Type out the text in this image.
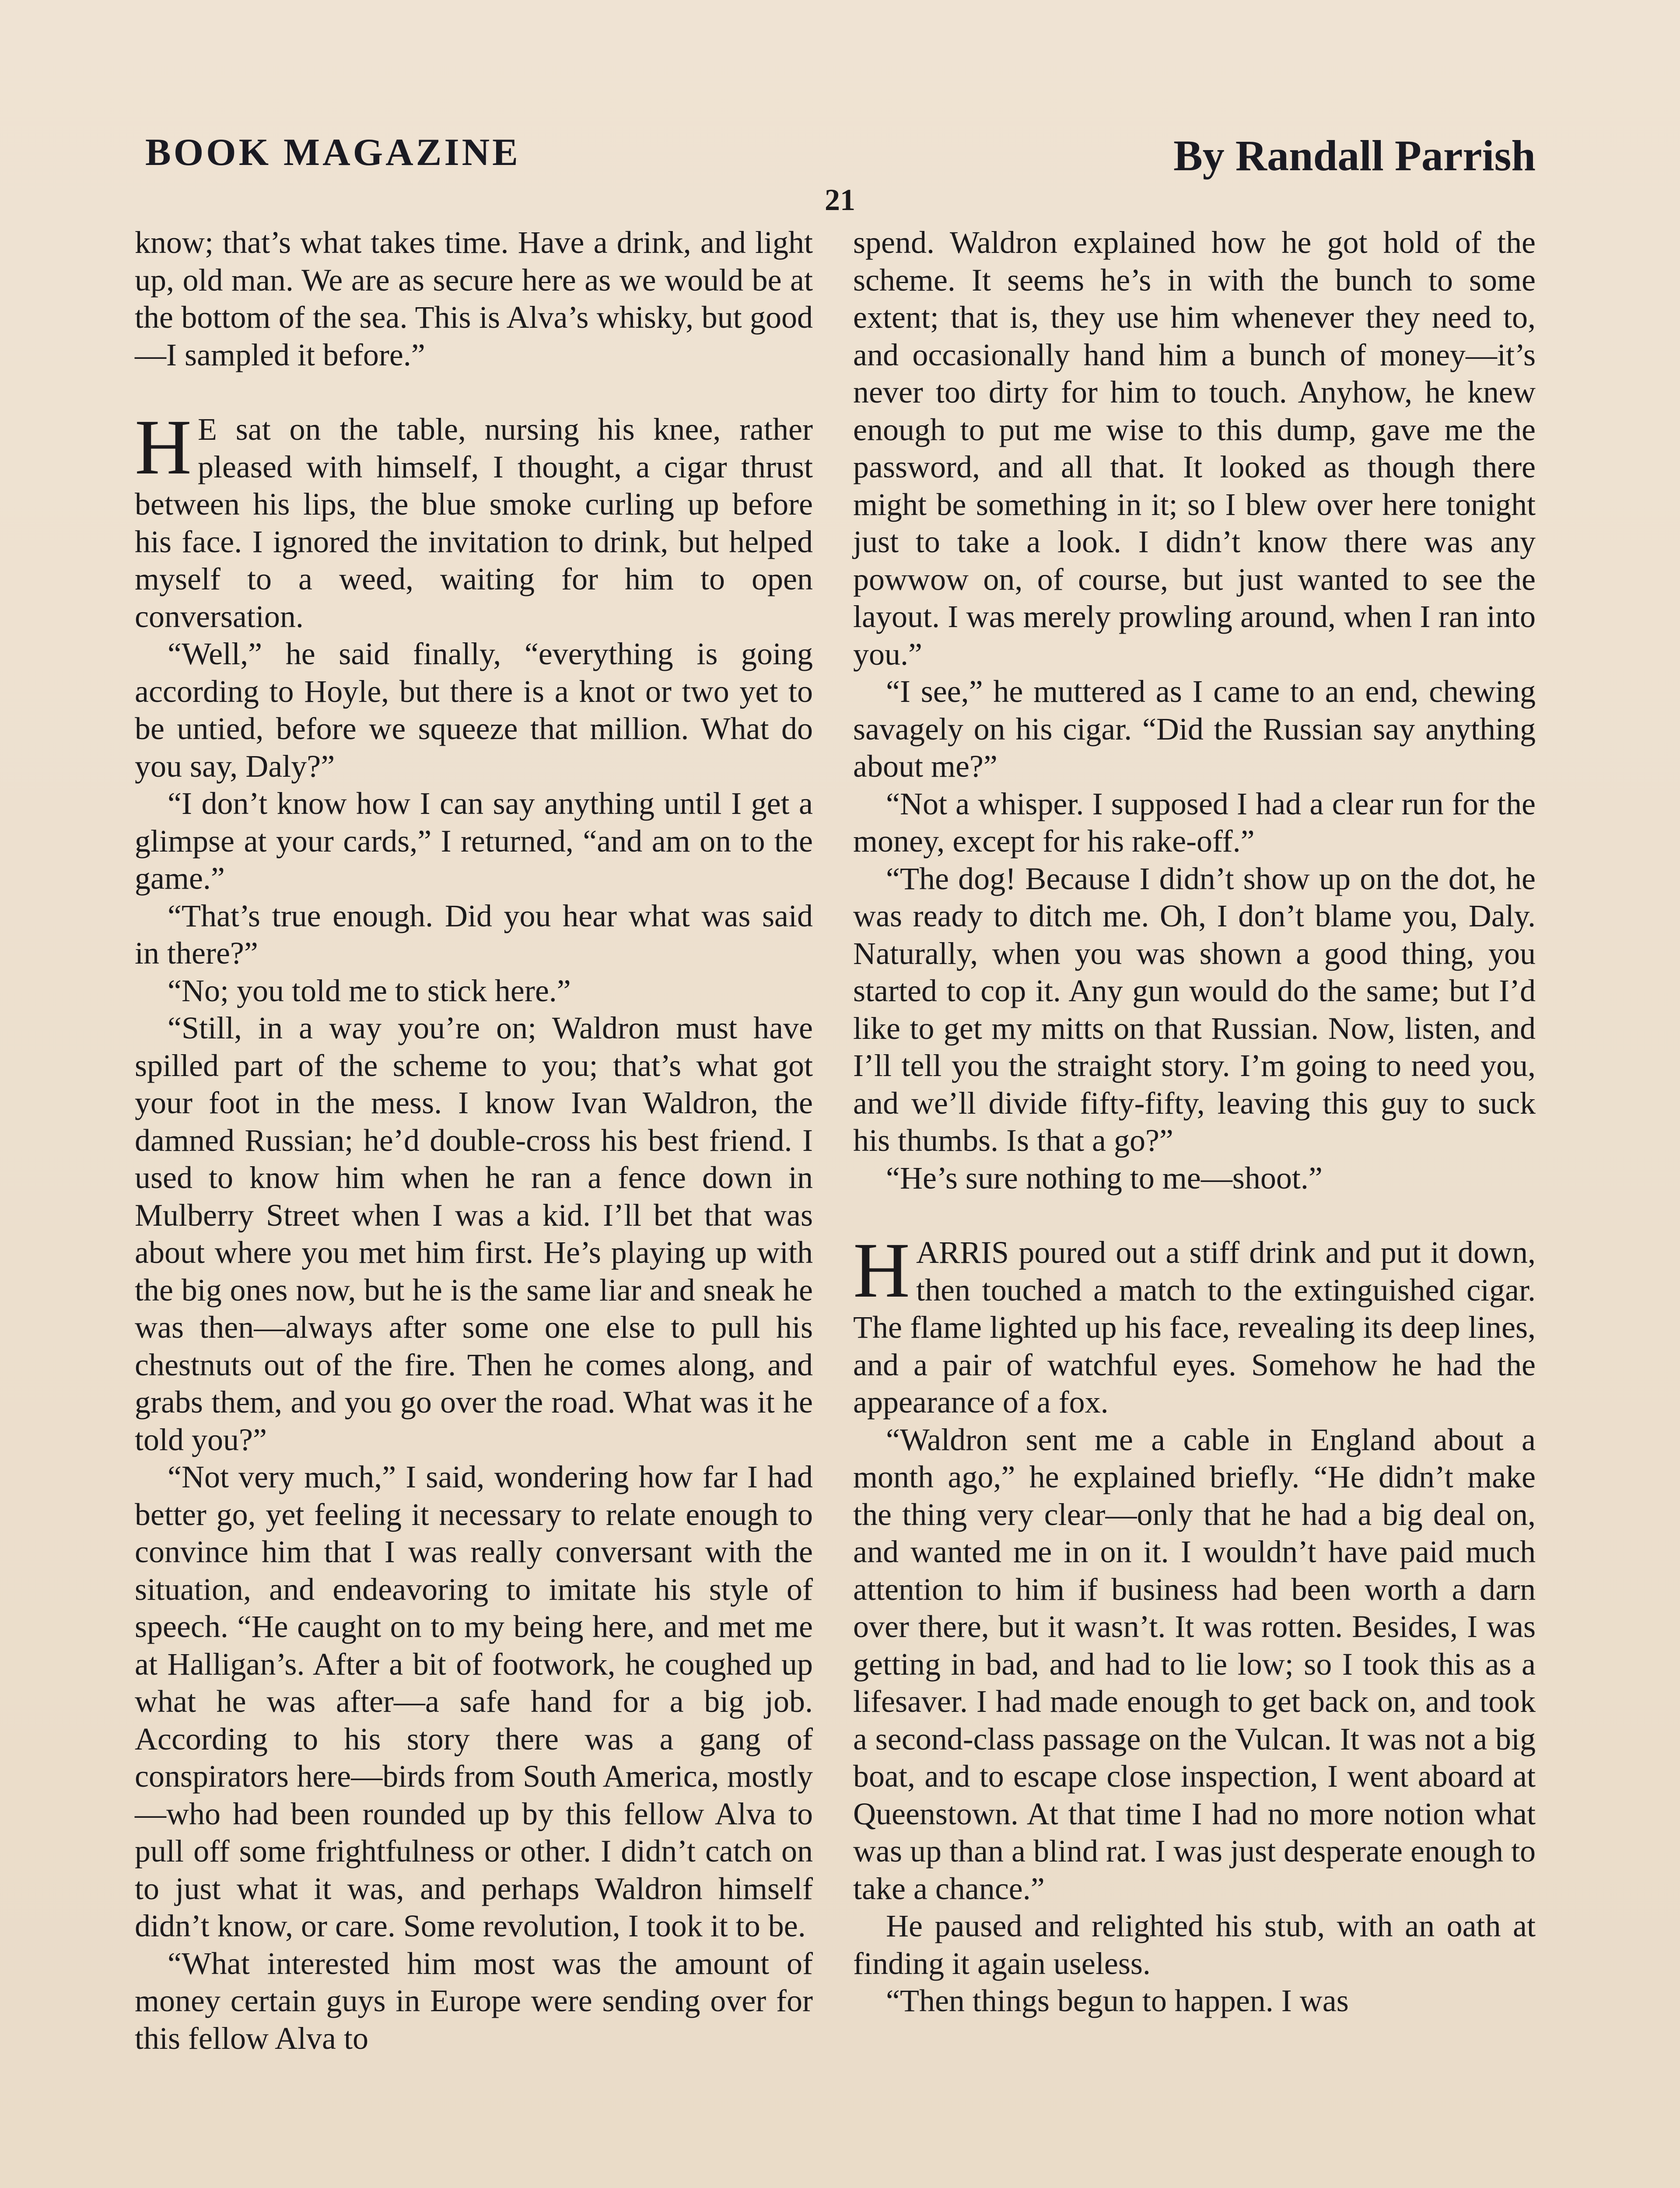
BOOK MAGAZINE	By Randall Parrish
21

know; that’s what takes time. Have a drink, and light up, old man. We are as secure here as we would be at the bottom of the sea. This is Alva’s whisky, but good—I sampled it before.”

H E sat on the table, nursing his knee, rather pleased with himself, I thought, a cigar thrust between his lips, the blue smoke curling up before his face. I ignored the invitation to drink, but helped myself to a weed, waiting for him to open conversation.

“Well,” he said finally, “everything is going according to Hoyle, but there is a knot or two yet to be untied, before we squeeze that million. What do you say, Daly?”

“I don’t know how I can say anything until I get a glimpse at your cards,” I returned, “and am on to the game.”

“That’s true enough. Did you hear what was said in there?”

“No; you told me to stick here.”

“Still, in a way you’re on; Waldron must have spilled part of the scheme to you; that’s what got your foot in the mess. I know Ivan Waldron, the damned Russian; he’d double-cross his best friend. I used to know him when he ran a fence down in Mulberry Street when I was a kid. I’ll bet that was about where you met him first. He’s playing up with the big ones now, but he is the same liar and sneak he was then—always after some one else to pull his chestnuts out of the fire. Then he comes along, and grabs them, and you go over the road. What was it he told you?”

“Not very much,” I said, wondering how far I had better go, yet feeling it necessary to relate enough to convince him that I was really conversant with the situation, and endeavoring to imitate his style of speech. “He caught on to my being here, and met me at Halligan’s. After a bit of footwork, he coughed up what he was after—a safe hand for a big job. According to his story there was a gang of conspirators here—birds from South America, mostly—who had been rounded up by this fellow Alva to pull off some frightfulness or other. I didn’t catch on to just what it was, and perhaps Waldron himself didn’t know, or care. Some revolution, I took it to be.

“What interested him most was the amount of money certain guys in Europe were sending over for this fellow Alva to

spend. Waldron explained how he got hold of the scheme. It seems he’s in with the bunch to some extent; that is, they use him whenever they need to, and occasionally hand him a bunch of money—it’s never too dirty for him to touch. Anyhow, he knew enough to put me wise to this dump, gave me the password, and all that. It looked as though there might be something in it; so I blew over here tonight just to take a look. I didn’t know there was any powwow on, of course, but just wanted to see the layout. I was merely prowling around, when I ran into you.”

“I see,” he muttered as I came to an end, chewing savagely on his cigar. “Did the Russian say anything about me?”

“Not a whisper. I supposed I had a clear run for the money, except for his rake-off.”

“The dog! Because I didn’t show up on the dot, he was ready to ditch me. Oh, I don’t blame you, Daly. Naturally, when you was shown a good thing, you started to cop it. Any gun would do the same; but I’d like to get my mitts on that Russian. Now, listen, and I’ll tell you the straight story. I’m going to need you, and we’ll divide fifty-fifty, leaving this guy to suck his thumbs. Is that a go?”

“He’s sure nothing to me—shoot.”

HARRIS poured out a stiff drink and put it down, then touched a match to the extinguished cigar. The flame lighted up his face, revealing its deep lines, and a pair of watchful eyes. Somehow he had the appearance of a fox.

“Waldron sent me a cable in England about a month ago,” he explained briefly. “He didn’t make the thing very clear—only that he had a big deal on, and wanted me in on it. I wouldn’t have paid much attention to him if business had been worth a darn over there, but it wasn’t. It was rotten. Besides, I was getting in bad, and had to lie low; so I took this as a lifesaver. I had made enough to get back on, and took a second-class passage on the Vulcan. It was not a big boat, and to escape close inspection, I went aboard at Queenstown. At that time I had no more notion what was up than a blind rat. I was just desperate enough to take a chance.”

He paused and relighted his stub, with an oath at finding it again useless.

“Then things begun to happen. I was
